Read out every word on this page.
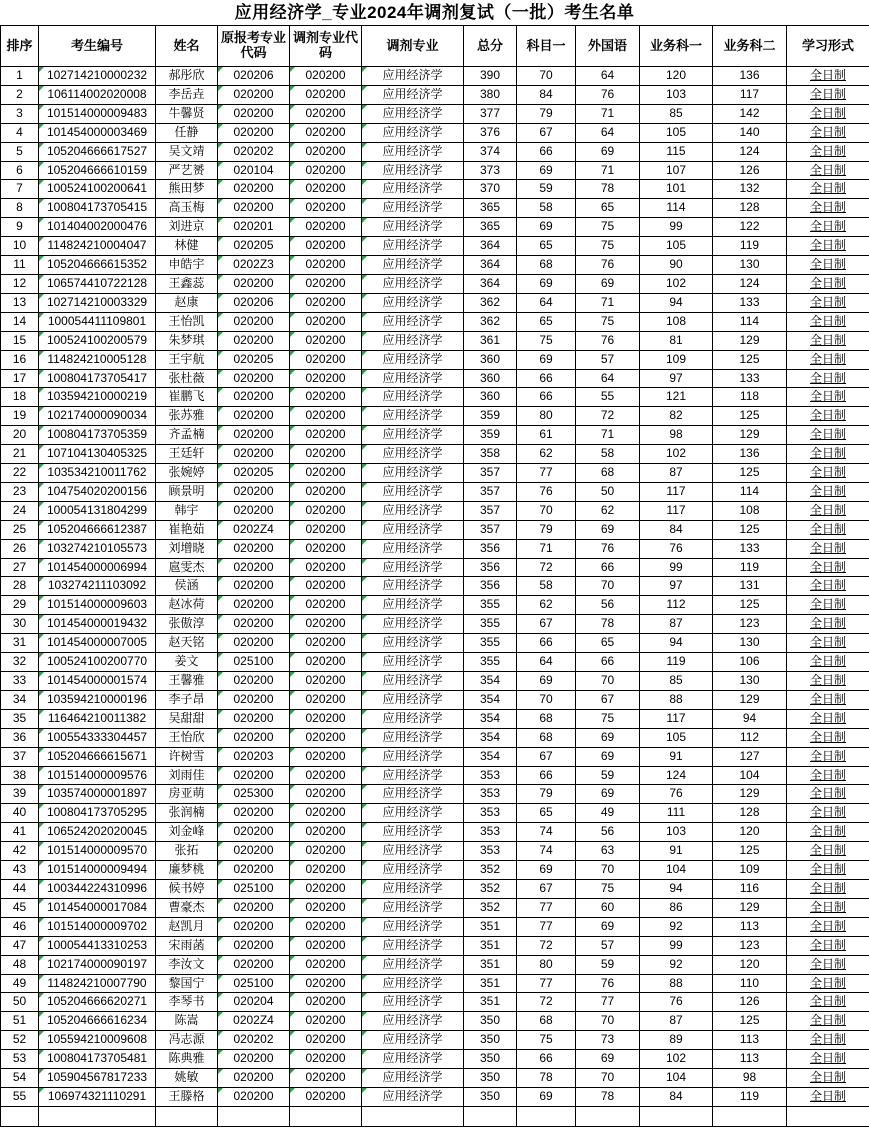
应用经济学_专业2024年调剂复试（一批）考生名单
排序	考生编号	姓名	原报考专业代码	调剂专业代码	调剂专业	总分	科目一	外国语	业务科一	业务科二	学习形式
1	102714210000232	郝彤欣	020206	020200	应用经济学	390	70	64	120	136	全日制
2	106114002020008	李岳垚	020200	020200	应用经济学	380	84	76	103	117	全日制
3	101514000009483	牛馨贤	020200	020200	应用经济学	377	79	71	85	142	全日制
4	101454000003469	任静	020200	020200	应用经济学	376	67	64	105	140	全日制
5	105204666617527	吴文靖	020202	020200	应用经济学	374	66	69	115	124	全日制
6	105204666610159	严艺赟	020104	020200	应用经济学	373	69	71	107	126	全日制
7	100524100200641	熊田梦	020200	020200	应用经济学	370	59	78	101	132	全日制
8	100804173705415	高玉梅	020200	020200	应用经济学	365	58	65	114	128	全日制
9	101404002000476	刘进京	020201	020200	应用经济学	365	69	75	99	122	全日制
10	114824210004047	林健	020205	020200	应用经济学	364	65	75	105	119	全日制
11	105204666615352	申皓宇	0202Z3	020200	应用经济学	364	68	76	90	130	全日制
12	106574410722128	王鑫蕊	020200	020200	应用经济学	364	69	69	102	124	全日制
13	102714210003329	赵康	020206	020200	应用经济学	362	64	71	94	133	全日制
14	100054411109801	王怡凯	020200	020200	应用经济学	362	65	75	108	114	全日制
15	100524100200579	朱梦琪	020200	020200	应用经济学	361	75	76	81	129	全日制
16	114824210005128	王宇航	020205	020200	应用经济学	360	69	57	109	125	全日制
17	100804173705417	张杜薇	020200	020200	应用经济学	360	66	64	97	133	全日制
18	103594210000219	崔鹏飞	020200	020200	应用经济学	360	66	55	121	118	全日制
19	102174000090034	张苏雅	020200	020200	应用经济学	359	80	72	82	125	全日制
20	100804173705359	齐孟楠	020200	020200	应用经济学	359	61	71	98	129	全日制
21	107104130405325	王廷轩	020200	020200	应用经济学	358	62	58	102	136	全日制
22	103534210011762	张婉婷	020205	020200	应用经济学	357	77	68	87	125	全日制
23	104754020200156	顾景明	020200	020200	应用经济学	357	76	50	117	114	全日制
24	100054131804299	韩宇	020200	020200	应用经济学	357	70	62	117	108	全日制
25	105204666612387	崔艳茹	0202Z4	020200	应用经济学	357	79	69	84	125	全日制
26	103274210105573	刘增晓	020200	020200	应用经济学	356	71	76	76	133	全日制
27	101454000006994	扈雯杰	020200	020200	应用经济学	356	72	66	99	119	全日制
28	103274211103092	侯涵	020200	020200	应用经济学	356	58	70	97	131	全日制
29	101514000009603	赵冰荷	020200	020200	应用经济学	355	62	56	112	125	全日制
30	101454000019432	张傲淳	020200	020200	应用经济学	355	67	78	87	123	全日制
31	101454000007005	赵天铭	020200	020200	应用经济学	355	66	65	94	130	全日制
32	100524100200770	姜文	025100	020200	应用经济学	355	64	66	119	106	全日制
33	101454000001574	王馨雅	020200	020200	应用经济学	354	69	70	85	130	全日制
34	103594210000196	李子昂	020200	020200	应用经济学	354	70	67	88	129	全日制
35	116464210011382	吴甜甜	020200	020200	应用经济学	354	68	75	117	94	全日制
36	100554333304457	王怡欣	020200	020200	应用经济学	354	68	69	105	112	全日制
37	105204666615671	许树雪	020203	020200	应用经济学	354	67	69	91	127	全日制
38	101514000009576	刘雨佳	020200	020200	应用经济学	353	66	59	124	104	全日制
39	103574000001897	房亚萌	025300	020200	应用经济学	353	79	69	76	129	全日制
40	100804173705295	张润楠	020200	020200	应用经济学	353	65	49	111	128	全日制
41	106524202020045	刘金峰	020200	020200	应用经济学	353	74	56	103	120	全日制
42	101514000009570	张拓	020200	020200	应用经济学	353	74	63	91	125	全日制
43	101514000009494	廉梦桃	020200	020200	应用经济学	352	69	70	104	109	全日制
44	100344224310996	候书婷	025100	020200	应用经济学	352	67	75	94	116	全日制
45	101454000017084	曹豪杰	020200	020200	应用经济学	352	77	60	86	129	全日制
46	101514000009702	赵凯月	020200	020200	应用经济学	351	77	69	92	113	全日制
47	100054413310253	宋雨菡	020200	020200	应用经济学	351	72	57	99	123	全日制
48	102174000090197	李汝文	020200	020200	应用经济学	351	80	59	92	120	全日制
49	114824210007790	黎国宁	025100	020200	应用经济学	351	77	76	88	110	全日制
50	105204666620271	李琴书	020204	020200	应用经济学	351	72	77	76	126	全日制
51	105204666616234	陈嵩	0202Z4	020200	应用经济学	350	68	70	87	125	全日制
52	105594210009608	冯志源	020202	020200	应用经济学	350	75	73	89	113	全日制
53	100804173705481	陈典雅	020200	020200	应用经济学	350	66	69	102	113	全日制
54	105904567817233	姚敏	020200	020200	应用经济学	350	78	70	104	98	全日制
55	106974321110291	王滕格	020200	020200	应用经济学	350	69	78	84	119	全日制
